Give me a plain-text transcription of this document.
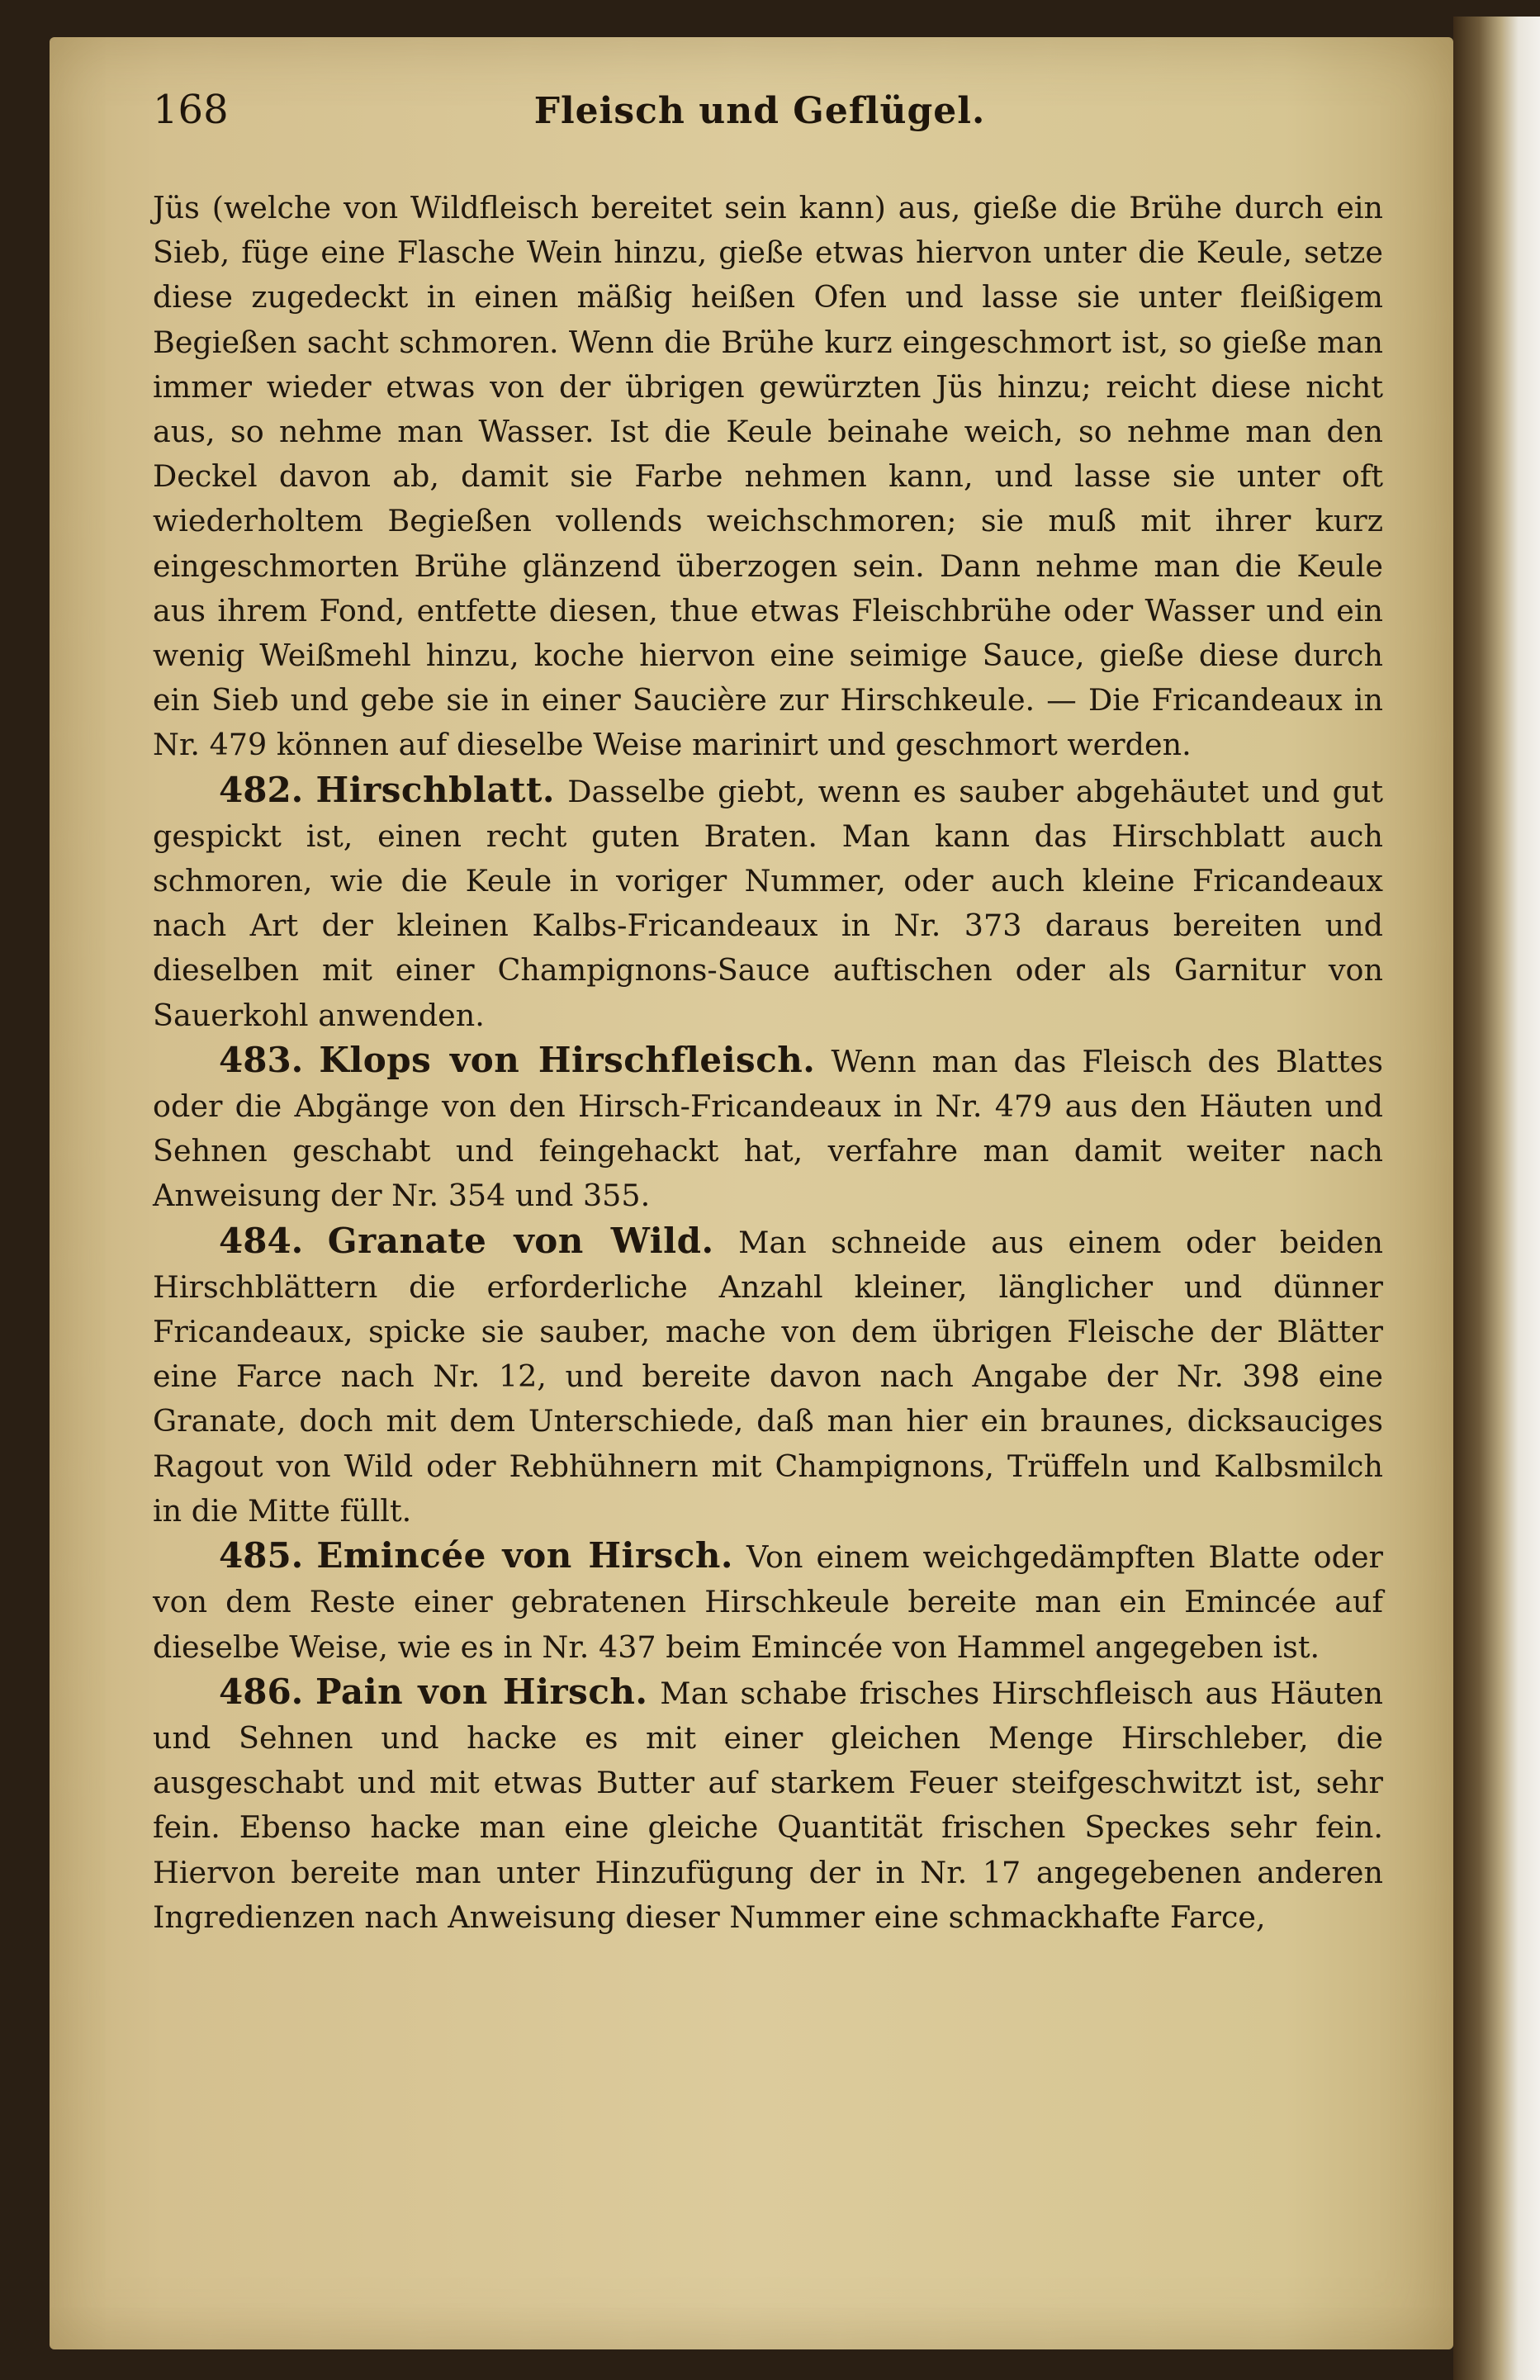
168	Fleisch und Geflügel.

Jüs (welche von Wildfleisch bereitet sein kann) aus, gieße die Brühe durch ein Sieb, füge eine Flasche Wein hinzu, gieße etwas hiervon unter die Keule, setze diese zugedeckt in einen mäßig heißen Ofen und lasse sie unter fleißigem Begießen sacht schmoren. Wenn die Brühe kurz eingeschmort ist, so gieße man immer wieder etwas von der übrigen gewürzten Jüs hinzu; reicht diese nicht aus, so nehme man Wasser. Ist die Keule beinahe weich, so nehme man den Deckel davon ab, damit sie Farbe nehmen kann, und lasse sie unter oft wiederholtem Begießen vollends weichschmoren; sie muß mit ihrer kurz eingeschmorten Brühe glänzend überzogen sein. Dann nehme man die Keule aus ihrem Fond, entfette diesen, thue etwas Fleischbrühe oder Wasser und ein wenig Weißmehl hinzu, koche hiervon eine seimige Sauce, gieße diese durch ein Sieb und gebe sie in einer Saucière zur Hirschkeule. — Die Fricandeaux in Nr. 479 können auf dieselbe Weise marinirt und geschmort werden.

482. Hirschblatt. Dasselbe giebt, wenn es sauber abgehäutet und gut gespickt ist, einen recht guten Braten. Man kann das Hirschblatt auch schmoren, wie die Keule in voriger Nummer, oder auch kleine Fricandeaux nach Art der kleinen Kalbs-Fricandeaux in Nr. 373 daraus bereiten und dieselben mit einer Champignons-Sauce auftischen oder als Garnitur von Sauerkohl anwenden.

483. Klops von Hirschfleisch. Wenn man das Fleisch des Blattes oder die Abgänge von den Hirsch-Fricandeaux in Nr. 479 aus den Häuten und Sehnen geschabt und feingehackt hat, verfahre man damit weiter nach Anweisung der Nr. 354 und 355.

484. Granate von Wild. Man schneide aus einem oder beiden Hirschblättern die erforderliche Anzahl kleiner, länglicher und dünner Fricandeaux, spicke sie sauber, mache von dem übrigen Fleische der Blätter eine Farce nach Nr. 12, und bereite davon nach Angabe der Nr. 398 eine Granate, doch mit dem Unterschiede, daß man hier ein braunes, dicksauciges Ragout von Wild oder Rebhühnern mit Champignons, Trüffeln und Kalbsmilch in die Mitte füllt.

485. Emincée von Hirsch. Von einem weichgedämpften Blatte oder von dem Reste einer gebratenen Hirschkeule bereite man ein Emincée auf dieselbe Weise, wie es in Nr. 437 beim Emincée von Hammel angegeben ist.

486. Pain von Hirsch. Man schabe frisches Hirschfleisch aus Häuten und Sehnen und hacke es mit einer gleichen Menge Hirschleber, die ausgeschabt und mit etwas Butter auf starkem Feuer steifgeschwitzt ist, sehr fein. Ebenso hacke man eine gleiche Quantität frischen Speckes sehr fein. Hiervon bereite man unter Hinzufügung der in Nr. 17 angegebenen anderen Ingredienzen nach Anweisung dieser Nummer eine schmackhafte Farce,
